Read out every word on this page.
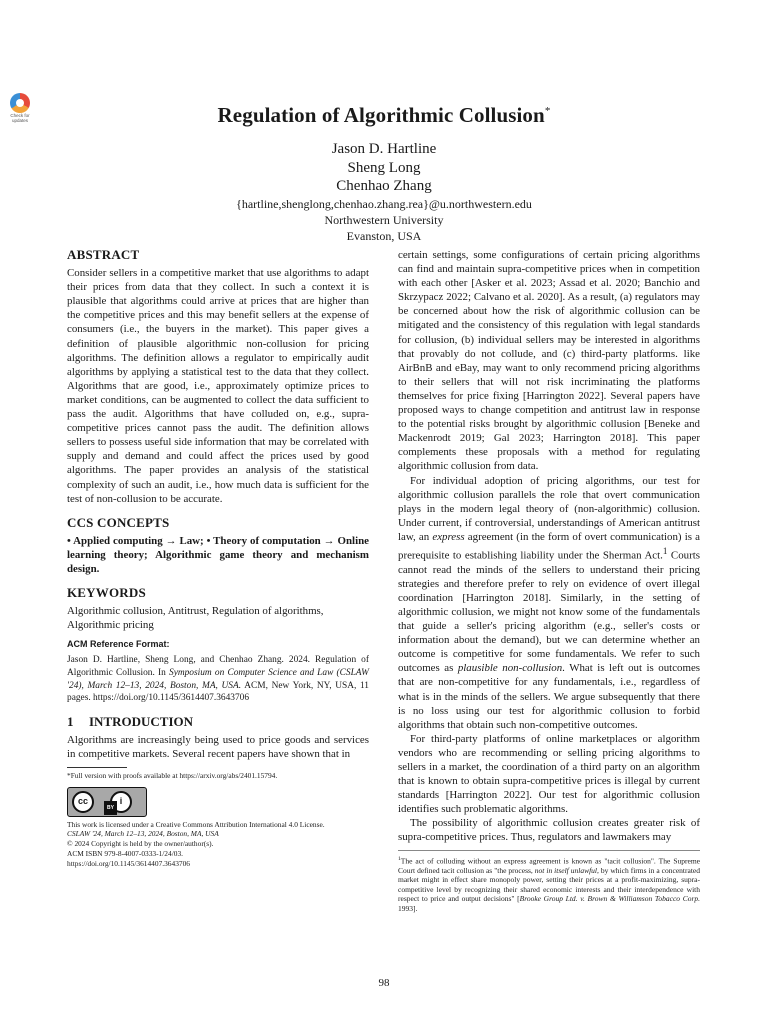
Check for
updates	Regulation of Algorithmic Collusion*
Jason D. Hartline
Sheng Long
Chenhao Zhang
{hartline,shenglong,chenhao.zhang.rea}@u.northwestern.edu
Northwestern University
Evanston, USA
ABSTRACT

Consider sellers in a competitive market that use algorithms to adapt their prices from data that they collect. In such a context it is plausible that algorithms could arrive at prices that are higher than the competitive prices and this may benefit sellers at the expense of consumers (i.e., the buyers in the market). This paper gives a definition of plausible algorithmic non-collusion for pricing algorithms. The definition allows a regulator to empirically audit algorithms by applying a statistical test to the data that they collect. Algorithms that are good, i.e., approximately optimize prices to market conditions, can be augmented to collect the data sufficient to pass the audit. Algorithms that have colluded on, e.g., supra-competitive prices cannot pass the audit. The definition allows sellers to possess useful side information that may be correlated with supply and demand and could affect the prices used by good algorithms. The paper provides an analysis of the statistical complexity of such an audit, i.e., how much data is sufficient for the test of non-collusion to be accurate.

CCS CONCEPTS

• Applied computing → Law; • Theory of computation → Online learning theory; Algorithmic game theory and mechanism design.

KEYWORDS

Algorithmic collusion, Antitrust, Regulation of algorithms, Algorithmic pricing

ACM Reference Format:

Jason D. Hartline, Sheng Long, and Chenhao Zhang. 2024. Regulation of Algorithmic Collusion. In Symposium on Computer Science and Law (CSLAW '24), March 12–13, 2024, Boston, MA, USA. ACM, New York, NY, USA, 11 pages. https://doi.org/10.1145/3614407.3643706

1 INTRODUCTION

Algorithms are increasingly being used to price goods and services in competitive markets. Several recent papers have shown that in

*Full version with proofs available at https://arxiv.org/abs/2401.15794.
cc	i
BY
This work is licensed under a Creative Commons Attribution International 4.0 License.
CSLAW '24, March 12–13, 2024, Boston, MA, USA
© 2024 Copyright is held by the owner/author(s).
ACM ISBN 979-8-4007-0333-1/24/03.
https://doi.org/10.1145/3614407.3643706

certain settings, some configurations of certain pricing algorithms can find and maintain supra-competitive prices when in competition with each other [Asker et al. 2023; Assad et al. 2020; Banchio and Skrzypacz 2022; Calvano et al. 2020]. As a result, (a) regulators may be concerned about how the risk of algorithmic collusion can be mitigated and the consistency of this regulation with legal standards for collusion, (b) individual sellers may be interested in algorithms that provably do not collude, and (c) third-party platforms. like AirBnB and eBay, may want to only recommend pricing algorithms to their sellers that will not risk incriminating the platforms themselves for price fixing [Harrington 2022]. Several papers have proposed ways to change competition and antitrust law in response to the potential risks brought by algorithmic collusion [Beneke and Mackenrodt 2019; Gal 2023; Harrington 2018]. This paper complements these proposals with a method for regulating algorithmic collusion from data.

For individual adoption of pricing algorithms, our test for algorithmic collusion parallels the role that overt communication plays in the modern legal theory of (non-algorithmic) collusion. Under current, if controversial, understandings of American antitrust law, an express agreement (in the form of overt communication) is a prerequisite to establishing liability under the Sherman Act.$^1$ Courts cannot read the minds of the sellers to understand their pricing strategies and therefore prefer to rely on evidence of overt illegal coordination [Harrington 2018]. Similarly, in the setting of algorithmic collusion, we might not know some of the fundamentals that guide a seller's pricing algorithm (e.g., seller's costs or information about the demand), but we can determine whether an outcome is competitive for some fundamentals. We refer to such outcomes as plausible non-collusion. What is left out is outcomes that are non-competitive for any fundamentals, i.e., regardless of what is in the minds of the sellers. We argue subsequently that there is no loss using our test for algorithmic collusion to forbid algorithms that obtain such non-competitive outcomes.

For third-party platforms of online marketplaces or algorithm vendors who are recommending or selling pricing algorithms to sellers in a market, the coordination of a third party on an algorithm that is known to obtain supra-competitive prices is illegal by current standards [Harrington 2022]. Our test for algorithmic collusion identifies such problematic algorithms.

The possibility of algorithmic collusion creates greater risk of supra-competitive prices. Thus, regulators and lawmakers may

$^1$The act of colluding without an express agreement is known as "tacit collusion". The Supreme Court defined tacit collusion as "the process, not in itself unlawful, by which firms in a concentrated market might in effect share monopoly power, setting their prices at a profit-maximizing, supra-competitive level by recognizing their shared economic interests and their interdependence with respect to price and output decisions" [Brooke Group Ltd. v. Brown & Williamson Tobacco Corp. 1993].
98
